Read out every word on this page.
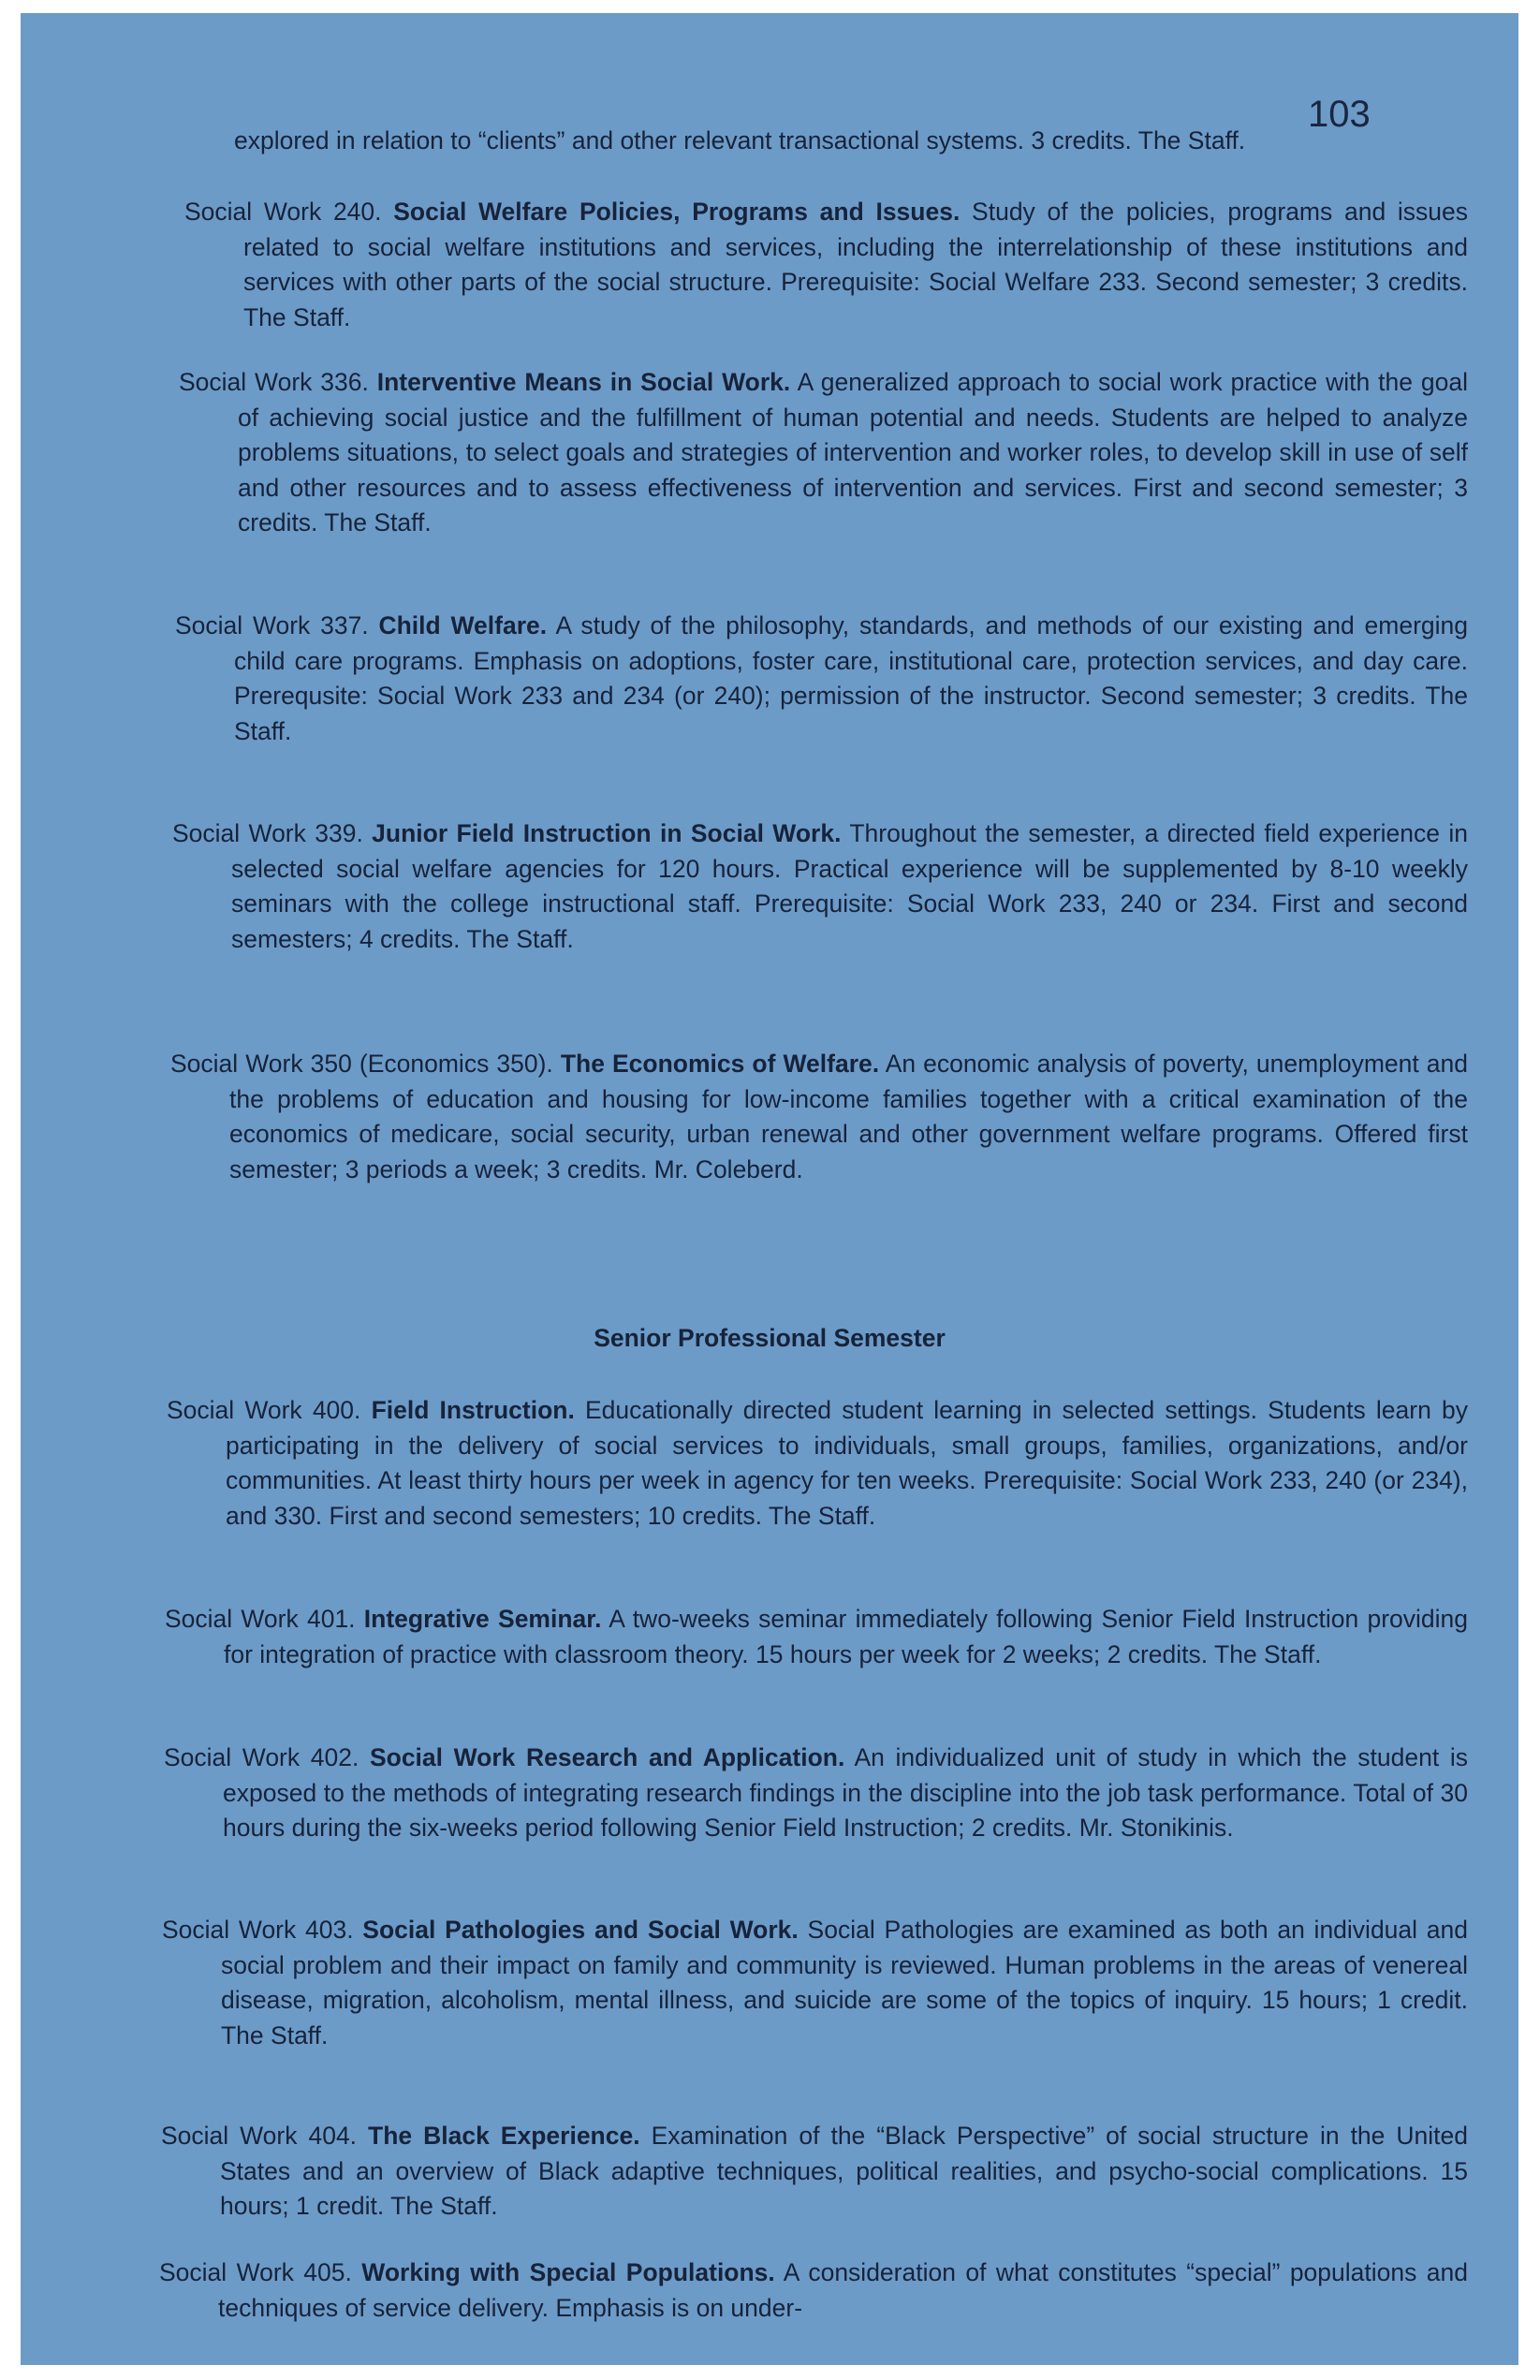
103

explored in relation to “clients” and other relevant transactional systems. 3 credits. The Staff.

Social Work 240. Social Welfare Policies, Programs and Issues. Study of the policies, programs and issues related to social welfare institutions and services, including the interrelationship of these institutions and services with other parts of the social structure. Prerequisite: Social Welfare 233. Second semester; 3 credits. The Staff.

Social Work 336. Interventive Means in Social Work. A generalized approach to social work practice with the goal of achieving social justice and the fulfillment of human potential and needs. Students are helped to analyze problems situations, to select goals and strategies of intervention and worker roles, to develop skill in use of self and other resources and to assess effectiveness of intervention and services. First and second semester; 3 credits. The Staff.

Social Work 337. Child Welfare. A study of the philosophy, standards, and methods of our existing and emerging child care programs. Emphasis on adoptions, foster care, institutional care, protection services, and day care. Prerequsite: Social Work 233 and 234 (or 240); permission of the instructor. Second semester; 3 credits. The Staff.

Social Work 339. Junior Field Instruction in Social Work. Throughout the semester, a directed field experience in selected social welfare agencies for 120 hours. Practical experience will be supplemented by 8-10 weekly seminars with the college instructional staff. Prerequisite: Social Work 233, 240 or 234. First and second semesters; 4 credits. The Staff.

Social Work 350 (Economics 350). The Economics of Welfare. An economic analysis of poverty, unemployment and the problems of education and housing for low-income families together with a critical examination of the economics of medicare, social security, urban renewal and other government welfare programs. Offered first semester; 3 periods a week; 3 credits. Mr. Coleberd.

Senior Professional Semester

Social Work 400. Field Instruction. Educationally directed student learning in selected settings. Students learn by participating in the delivery of social services to individuals, small groups, families, organizations, and/or communities. At least thirty hours per week in agency for ten weeks. Prerequisite: Social Work 233, 240 (or 234), and 330. First and second semesters; 10 credits. The Staff.

Social Work 401. Integrative Seminar. A two-weeks seminar immediately following Senior Field Instruction providing for integration of practice with classroom theory. 15 hours per week for 2 weeks; 2 credits. The Staff.

Social Work 402. Social Work Research and Application. An individualized unit of study in which the student is exposed to the methods of integrating research findings in the discipline into the job task performance. Total of 30 hours during the six-weeks period following Senior Field Instruction; 2 credits. Mr. Stonikinis.

Social Work 403. Social Pathologies and Social Work. Social Pathologies are examined as both an individual and social problem and their impact on family and community is reviewed. Human problems in the areas of venereal disease, migration, alcoholism, mental illness, and suicide are some of the topics of inquiry. 15 hours; 1 credit. The Staff.

Social Work 404. The Black Experience. Examination of the “Black Perspective” of social structure in the United States and an overview of Black adaptive techniques, political realities, and psycho-social complications. 15 hours; 1 credit. The Staff.

Social Work 405. Working with Special Populations. A consideration of what constitutes “special” populations and techniques of service delivery. Emphasis is on under-
